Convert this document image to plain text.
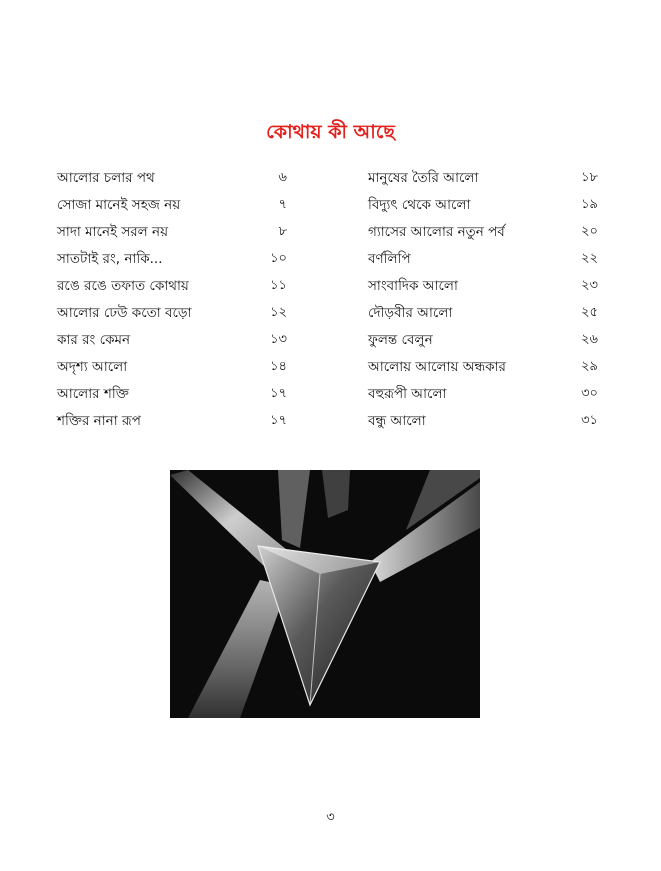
কোথায় কী আছে
আলোর চলার পথ	৬
সোজা মানেই সহজ নয়	৭
সাদা মানেই সরল নয়	৮
সাতটাই রং, নাকি...	১০
রঙে রঙে তফাত কোথায়	১১
আলোর ঢেউ কতো বড়ো	১২
কার রং কেমন	১৩
অদৃশ্য আলো	১৪
আলোর শক্তি	১৭
শক্তির নানা রূপ	১৭
মানুষের তৈরি আলো	১৮
বিদ্যুৎ থেকে আলো	১৯
গ্যাসের আলোর নতুন পর্ব	২০
বর্ণলিপি	২২
সাংবাদিক আলো	২৩
দৌড়বীর আলো	২৫
ফুলন্ত বেলুন	২৬
আলোয় আলোয় অন্ধকার	২৯
বহুরূপী আলো	৩০
বন্ধু আলো	৩১
৩
